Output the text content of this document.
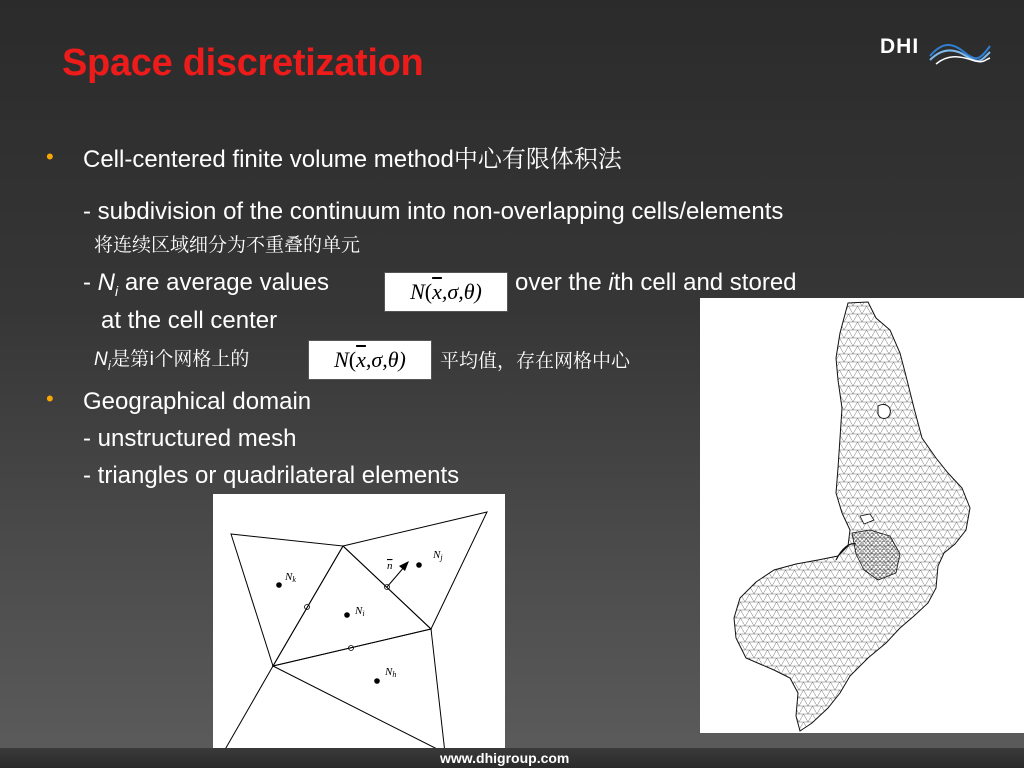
Space discretization	DHI
• Cell-centered finite volume method中心有限体积法
- subdivision of the continuum into non-overlapping cells/elements
将连续区域细分为不重叠的单元
- $N_i$ are average values	N ( $\overline{x}$ ,σ,θ) over the ith cell and stored
at the cell center
$N_i$是第i个网格上的	N ( $\overline{x}$ ,σ,θ) 平均值，存在网格中心
• Geographical domain
- unstructured mesh
- triangles or quadrilateral elements
Nk
Ni
Nj
Nh
n
www.dhigroup.com
